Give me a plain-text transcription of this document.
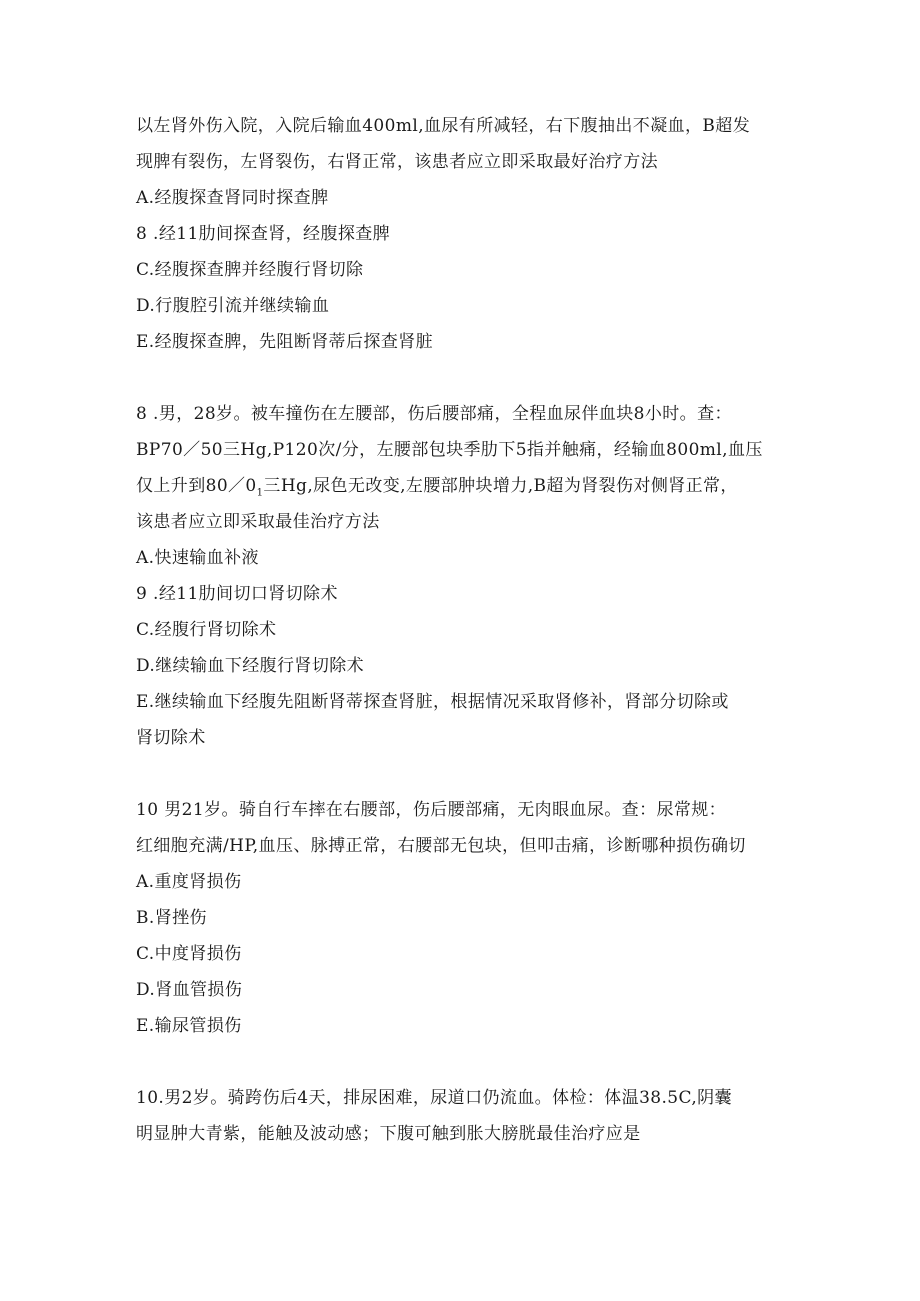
以左肾外伤入院，入院后输血400ml,血尿有所减轻，右下腹抽出不凝血，B超发
现脾有裂伤，左肾裂伤，右肾正常，该患者应立即采取最好治疗方法
A.经腹探查肾同时探查脾
8 .经11肋间探查肾，经腹探查脾
C.经腹探查脾并经腹行肾切除
D.行腹腔引流并继续输血
E.经腹探查脾，先阻断肾蒂后探查肾脏
8 .男，28岁。被车撞伤在左腰部，伤后腰部痛，全程血尿伴血块8小时。查：
BP70／50三Hg,P120次/分，左腰部包块季肋下5指并触痛，经输血800ml,血压
仅上升到$80/0_1$三Hg,尿色无改变,左腰部肿块增力,B超为肾裂伤对侧肾正常，
该患者应立即采取最佳治疗方法
A.快速输血补液
9 .经11肋间切口肾切除术
C.经腹行肾切除术
D.继续输血下经腹行肾切除术
E.继续输血下经腹先阻断肾蒂探查肾脏，根据情况采取肾修补，肾部分切除或
肾切除术
10 男21岁。骑自行车摔在右腰部，伤后腰部痛，无肉眼血尿。查：尿常规：
红细胞充满/HP,血压、脉搏正常，右腰部无包块，但叩击痛，诊断哪种损伤确切
A.重度肾损伤
B.肾挫伤
C.中度肾损伤
D.肾血管损伤
E.输尿管损伤
10.男2岁。骑跨伤后4天，排尿困难，尿道口仍流血。体检：体温38.5C,阴囊
明显肿大青紫，能触及波动感；下腹可触到胀大膀胱最佳治疗应是
